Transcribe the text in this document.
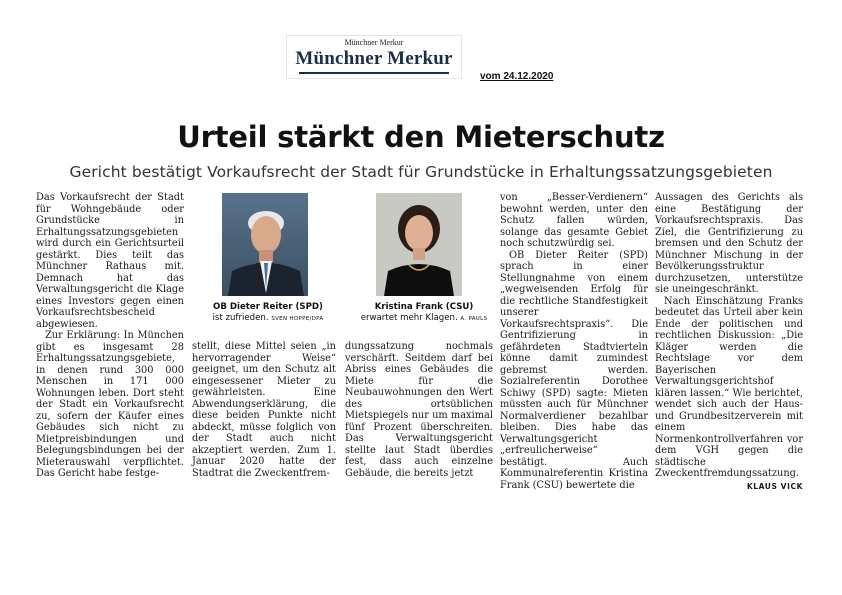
Münchner Merkur
Münchner Merkur
vom 24.12.2020
Urteil stärkt den Mieterschutz
Gericht bestätigt Vorkaufsrecht der Stadt für Grundstücke in Erhaltungssatzungsgebieten

Das Vorkaufsrecht der Stadt für Wohngebäude oder Grundstücke in Erhaltungssatzungsgebieten wird durch ein Gerichtsurteil gestärkt. Dies teilt das Münchner Rathaus mit. Demnach hat das Verwaltungsgericht die Klage eines Investors gegen einen Vorkaufsrechtsbescheid abgewiesen.

Zur Erklärung: In München gibt es insgesamt 28 Erhaltungssatzungsgebiete, in denen rund 300 000 Menschen in 171 000 Wohnungen leben. Dort steht der Stadt ein Vorkaufsrecht zu, sofern der Käufer eines Gebäudes sich nicht zu Mietpreisbindungen und Belegungsbindungen bei der Mieterauswahl verpflichtet. Das Gericht habe festge-

OB Dieter Reiter (SPD)
ist zufrieden. SVEN HOPPE/DPA
Kristina Frank (CSU)
erwartet mehr Klagen. A. PAULS

stellt, diese Mittel seien „in hervorragender Weise“ geeignet, um den Schutz alt eingesessener Mieter zu gewährleisten. Eine Abwendungserklärung, die diese beiden Punkte nicht abdeckt, müsse folglich von der Stadt auch nicht akzeptiert werden. Zum 1. Januar 2020 hatte der Stadtrat die Zweckentfrem-

dungssatzung nochmals verschärft. Seitdem darf bei Abriss eines Gebäudes die Miete für die Neubauwohnungen den Wert des ortsüblichen Mietspiegels nur um maximal fünf Prozent überschreiten. Das Verwaltungsgericht stellte laut Stadt überdies fest, dass auch einzelne Gebäude, die bereits jetzt

von „Besser-Verdienern“ bewohnt werden, unter den Schutz fallen würden, solange das gesamte Gebiet noch schutzwürdig sei.

OB Dieter Reiter (SPD) sprach in einer Stellungnahme von einem „wegweisenden Erfolg für die rechtliche Standfestigkeit unserer Vorkaufsrechtspraxis“. Die Gentrifizierung in gefährdeten Stadtvierteln könne damit zumindest gebremst werden. Sozialreferentin Dorothee Schiwy (SPD) sagte: Mieten müssten auch für Münchner Normalverdiener bezahlbar bleiben. Dies habe das Verwaltungsgericht „erfreulicherweise“ bestätigt. Auch Kommunalreferentin Kristina Frank (CSU) bewertete die

Aussagen des Gerichts als eine Bestätigung der Vorkaufsrechtspraxis. Das Ziel, die Gentrifizierung zu bremsen und den Schutz der Münchner Mischung in der Bevölkerungsstruktur durchzusetzen, unterstütze sie uneingeschränkt.

Nach Einschätzung Franks bedeutet das Urteil aber kein Ende der politischen und rechtlichen Diskussion: „Die Kläger werden die Rechtslage vor dem Bayerischen Verwaltungsgerichtshof klären lassen.“ Wie berichtet, wendet sich auch der Haus- und Grundbesitzerverein mit einem Normenkontrollverfahren vor dem VGH gegen die städtische Zweckentfremdungssatzung.

KLAUS VICK
